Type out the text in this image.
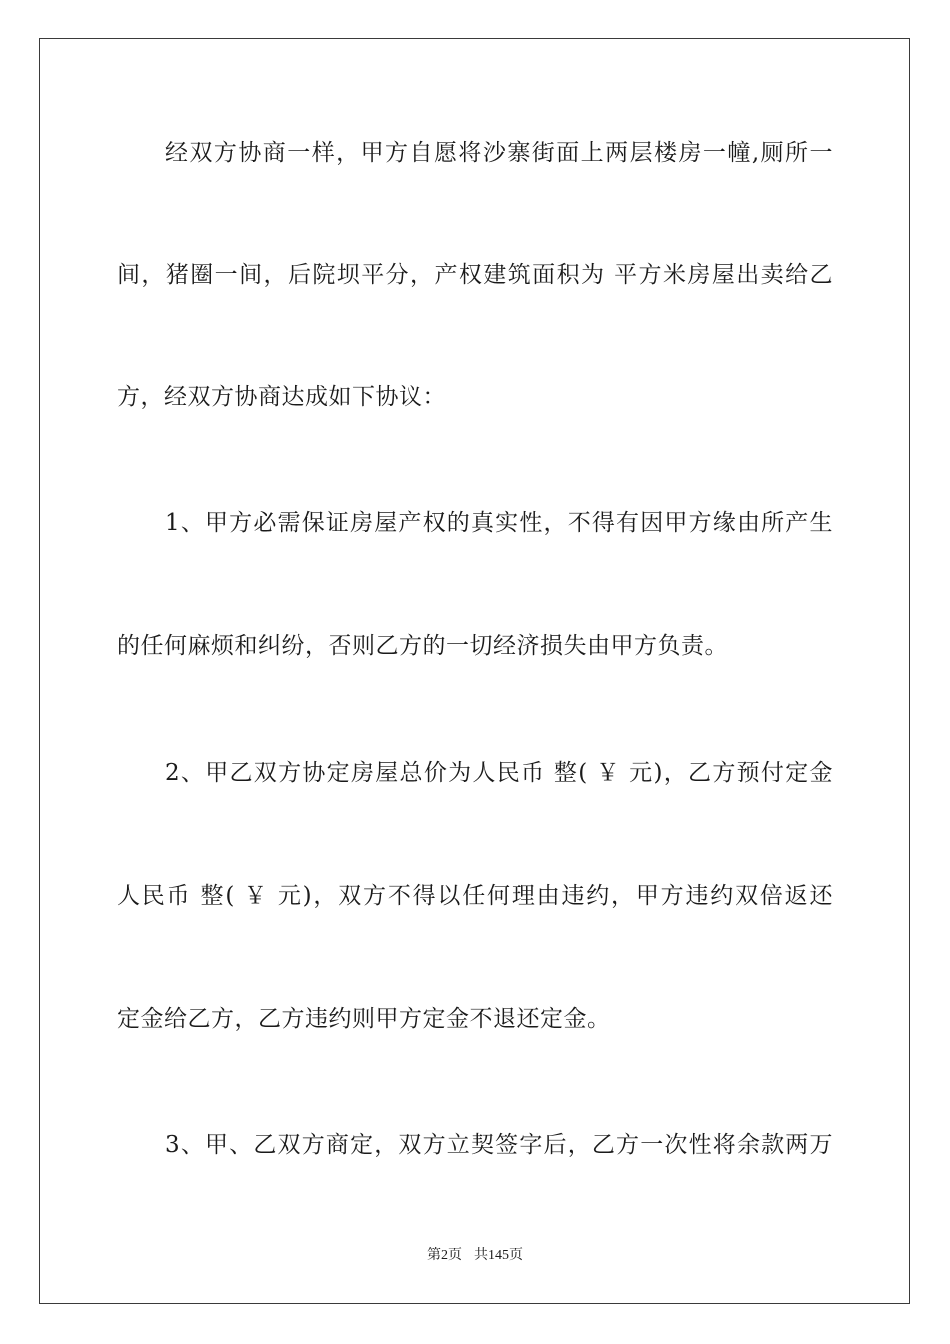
经双方协商一样，甲方自愿将沙寨街面上两层楼房一幢,厕所一

间，猪圈一间，后院坝平分，产权建筑面积为 平方米房屋出卖给乙

方，经双方协商达成如下协议：

1、甲方必需保证房屋产权的真实性，不得有因甲方缘由所产生

的任何麻烦和纠纷，否则乙方的一切经济损失由甲方负责。

2、甲乙双方协定房屋总价为人民币 整( ￥ 元)，乙方预付定金

人民币 整( ￥ 元)，双方不得以任何理由违约，甲方违约双倍返还

定金给乙方，乙方违约则甲方定金不退还定金。

3、甲、乙双方商定，双方立契签字后，乙方一次性将余款两万

第2页 共145页
